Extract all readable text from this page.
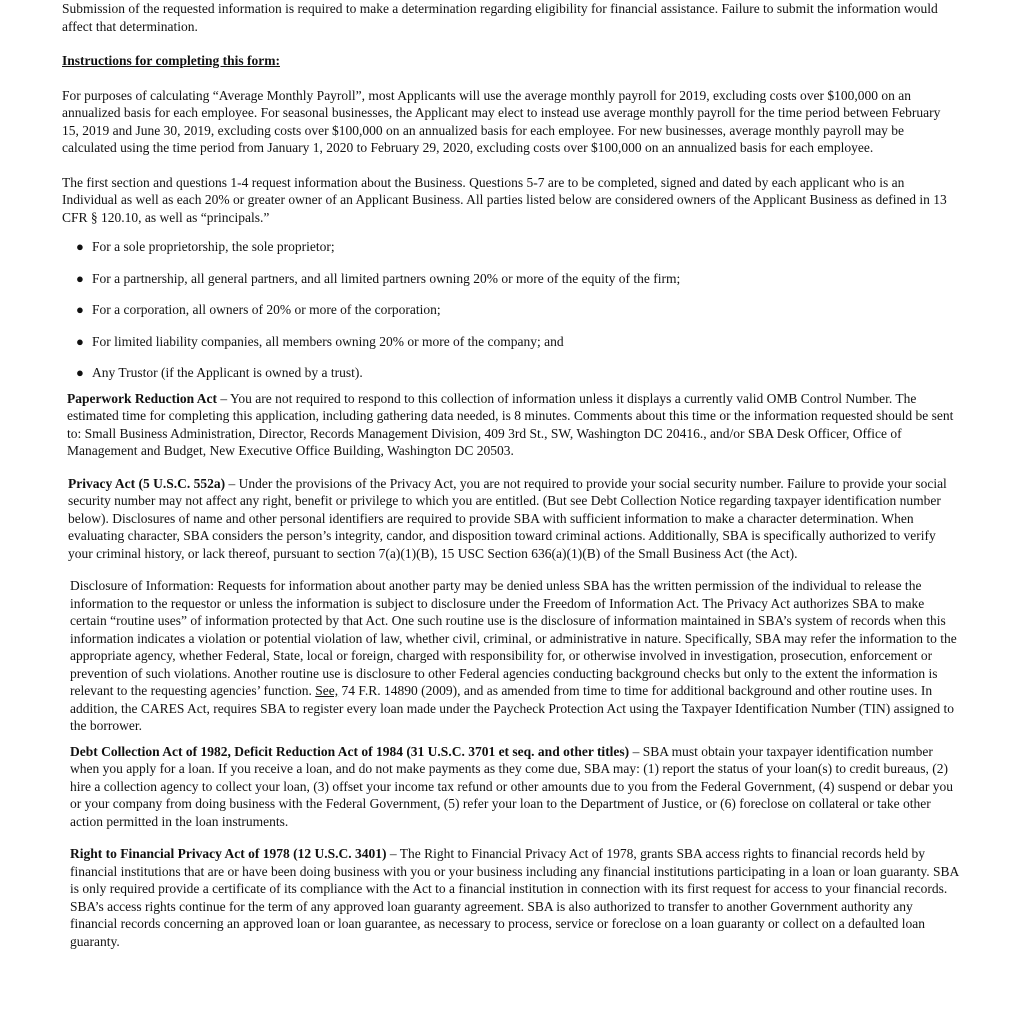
Submission of the requested information is required to make a determination regarding eligibility for financial assistance. Failure to submit the information would affect that determination.

Instructions for completing this form:

For purposes of calculating “Average Monthly Payroll”, most Applicants will use the average monthly payroll for 2019, excluding costs over $100,000 on an annualized basis for each employee. For seasonal businesses, the Applicant may elect to instead use average monthly payroll for the time period between February 15, 2019 and June 30, 2019, excluding costs over $100,000 on an annualized basis for each employee. For new businesses, average monthly payroll may be calculated using the time period from January 1, 2020 to February 29, 2020, excluding costs over $100,000 on an annualized basis for each employee.

The first section and questions 1-4 request information about the Business. Questions 5-7 are to be completed, signed and dated by each applicant who is an Individual as well as each 20% or greater owner of an Applicant Business. All parties listed below are considered owners of the Applicant Business as defined in 13 CFR § 120.10, as well as “principals.”

● For a sole proprietorship, the sole proprietor;
● For a partnership, all general partners, and all limited partners owning 20% or more of the equity of the firm;
● For a corporation, all owners of 20% or more of the corporation;
● For limited liability companies, all members owning 20% or more of the company; and
● Any Trustor (if the Applicant is owned by a trust).

Paperwork Reduction Act – You are not required to respond to this collection of information unless it displays a currently valid OMB Control Number. The estimated time for completing this application, including gathering data needed, is 8 minutes. Comments about this time or the information requested should be sent to: Small Business Administration, Director, Records Management Division, 409 3rd St., SW, Washington DC 20416., and/or SBA Desk Officer, Office of Management and Budget, New Executive Office Building, Washington DC 20503.

Privacy Act (5 U.S.C. 552a) – Under the provisions of the Privacy Act, you are not required to provide your social security number. Failure to provide your social security number may not affect any right, benefit or privilege to which you are entitled. (But see Debt Collection Notice regarding taxpayer identification number below). Disclosures of name and other personal identifiers are required to provide SBA with sufficient information to make a character determination. When evaluating character, SBA considers the person’s integrity, candor, and disposition toward criminal actions. Additionally, SBA is specifically authorized to verify your criminal history, or lack thereof, pursuant to section 7(a)(1)(B), 15 USC Section 636(a)(1)(B) of the Small Business Act (the Act).

Disclosure of Information: Requests for information about another party may be denied unless SBA has the written permission of the individual to release the information to the requestor or unless the information is subject to disclosure under the Freedom of Information Act. The Privacy Act authorizes SBA to make certain “routine uses” of information protected by that Act. One such routine use is the disclosure of information maintained in SBA’s system of records when this information indicates a violation or potential violation of law, whether civil, criminal, or administrative in nature. Specifically, SBA may refer the information to the appropriate agency, whether Federal, State, local or foreign, charged with responsibility for, or otherwise involved in investigation, prosecution, enforcement or prevention of such violations. Another routine use is disclosure to other Federal agencies conducting background checks but only to the extent the information is relevant to the requesting agencies’ function. See, 74 F.R. 14890 (2009), and as amended from time to time for additional background and other routine uses. In addition, the CARES Act, requires SBA to register every loan made under the Paycheck Protection Act using the Taxpayer Identification Number (TIN) assigned to the borrower.

Debt Collection Act of 1982, Deficit Reduction Act of 1984 (31 U.S.C. 3701 et seq. and other titles) – SBA must obtain your taxpayer identification number when you apply for a loan. If you receive a loan, and do not make payments as they come due, SBA may: (1) report the status of your loan(s) to credit bureaus, (2) hire a collection agency to collect your loan, (3) offset your income tax refund or other amounts due to you from the Federal Government, (4) suspend or debar you or your company from doing business with the Federal Government, (5) refer your loan to the Department of Justice, or (6) foreclose on collateral or take other action permitted in the loan instruments.

Right to Financial Privacy Act of 1978 (12 U.S.C. 3401) – The Right to Financial Privacy Act of 1978, grants SBA access rights to financial records held by financial institutions that are or have been doing business with you or your business including any financial institutions participating in a loan or loan guaranty. SBA is only required provide a certificate of its compliance with the Act to a financial institution in connection with its first request for access to your financial records. SBA’s access rights continue for the term of any approved loan guaranty agreement. SBA is also authorized to transfer to another Government authority any financial records concerning an approved loan or loan guarantee, as necessary to process, service or foreclose on a loan guaranty or collect on a defaulted loan guaranty.
